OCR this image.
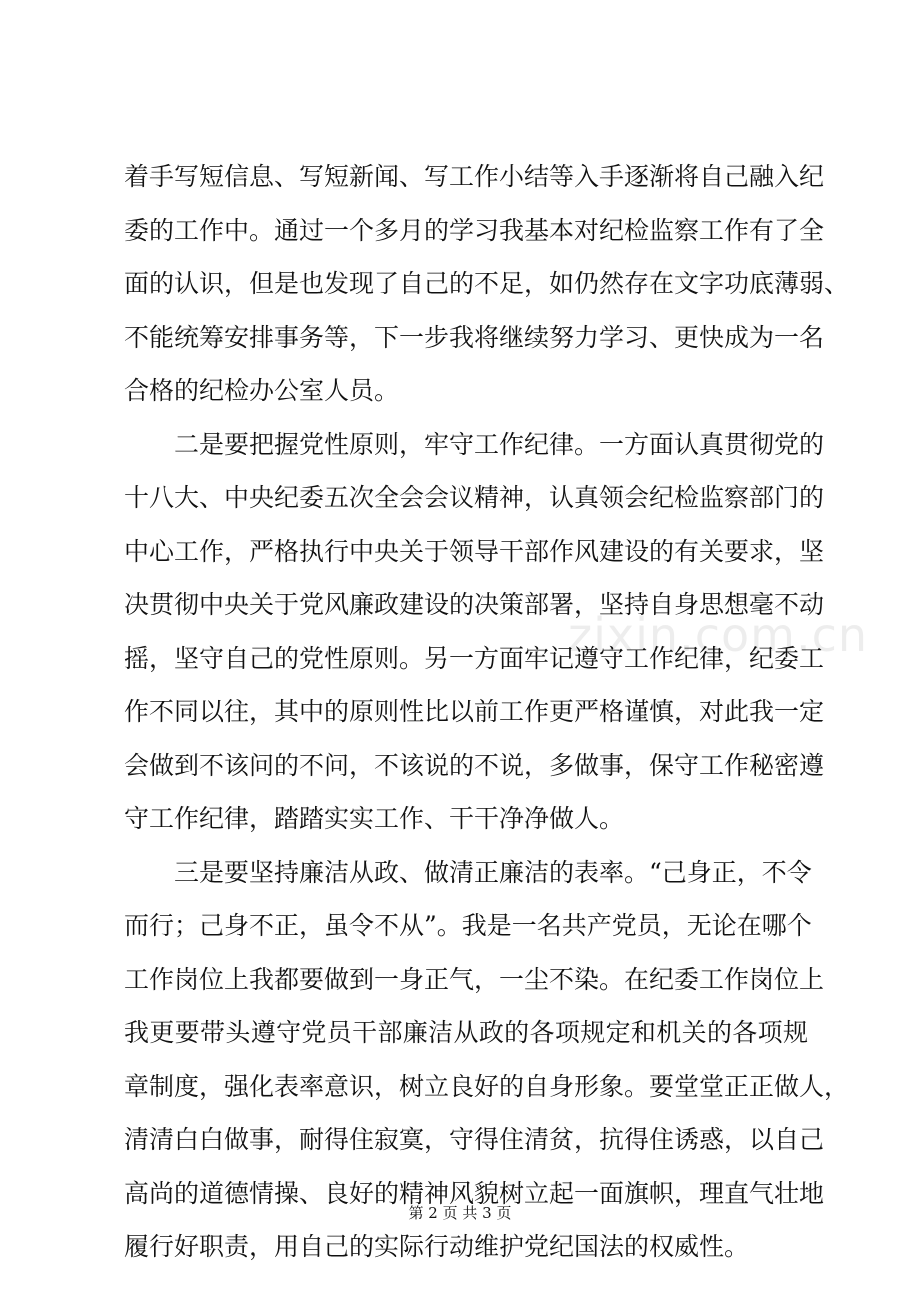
着手写短信息、写短新闻、写工作小结等入手逐渐将自己融入纪
委的工作中。通过一个多月的学习我基本对纪检监察工作有了全
面的认识，但是也发现了自己的不足，如仍然存在文字功底薄弱、
不能统筹安排事务等，下一步我将继续努力学习、更快成为一名
合格的纪检办公室人员。
二是要把握党性原则，牢守工作纪律。一方面认真贯彻党的
十八大、中央纪委五次全会会议精神，认真领会纪检监察部门的
中心工作，严格执行中央关于领导干部作风建设的有关要求，坚
决贯彻中央关于党风廉政建设的决策部署，坚持自身思想毫不动
摇，坚守自己的党性原则。另一方面牢记遵守工作纪律，纪委工
作不同以往，其中的原则性比以前工作更严格谨慎，对此我一定
会做到不该问的不问，不该说的不说，多做事，保守工作秘密遵
守工作纪律，踏踏实实工作、干干净净做人。
三是要坚持廉洁从政、做清正廉洁的表率。“己身正，不令
而行；己身不正，虽令不从”。我是一名共产党员，无论在哪个
工作岗位上我都要做到一身正气，一尘不染。在纪委工作岗位上
我更要带头遵守党员干部廉洁从政的各项规定和机关的各项规
章制度，强化表率意识，树立良好的自身形象。要堂堂正正做人，
清清白白做事，耐得住寂寞，守得住清贫，抗得住诱惑，以自己
高尚的道德情操、良好的精神风貌树立起一面旗帜，理直气壮地
履行好职责，用自己的实际行动维护党纪国法的权威性。
zixin.com.cn
第 2 页 共 3 页
